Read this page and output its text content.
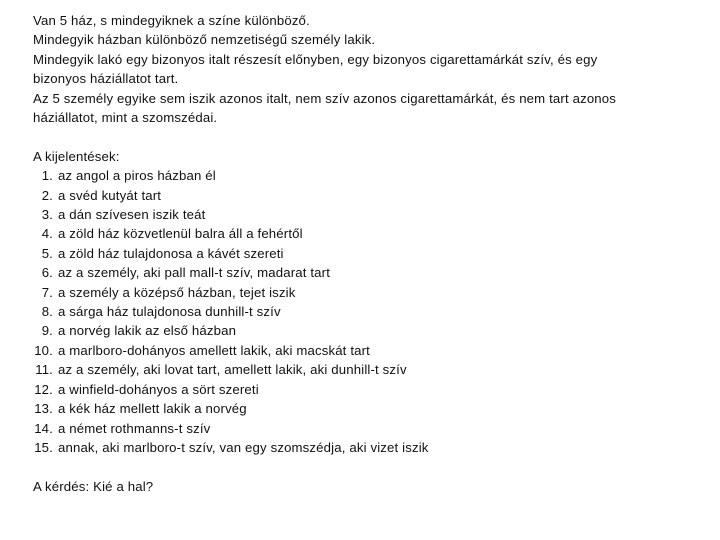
Van 5 ház, s mindegyiknek a színe különböző.
Mindegyik házban különböző nemzetiségű személy lakik.
Mindegyik lakó egy bizonyos italt részesít előnyben, egy bizonyos cigarettamárkát szív, és egy
bizonyos háziállatot tart.
Az 5 személy egyike sem iszik azonos italt, nem szív azonos cigarettamárkát, és nem tart azonos
háziállatot, mint a szomszédai.
A kijelentések:
1. az angol a piros házban él
2. a svéd kutyát tart
3. a dán szívesen iszik teát
4. a zöld ház közvetlenül balra áll a fehértől
5. a zöld ház tulajdonosa a kávét szereti
6. az a személy, aki pall mall-t szív, madarat tart
7. a személy a középső házban, tejet iszik
8. a sárga ház tulajdonosa dunhill-t szív
9. a norvég lakik az első házban
10. a marlboro-dohányos amellett lakik, aki macskát tart
11. az a személy, aki lovat tart, amellett lakik, aki dunhill-t szív
12. a winfield-dohányos a sört szereti
13. a kék ház mellett lakik a norvég
14. a német rothmanns-t szív
15. annak, aki marlboro-t szív, van egy szomszédja, aki vizet iszik
A kérdés: Kié a hal?
